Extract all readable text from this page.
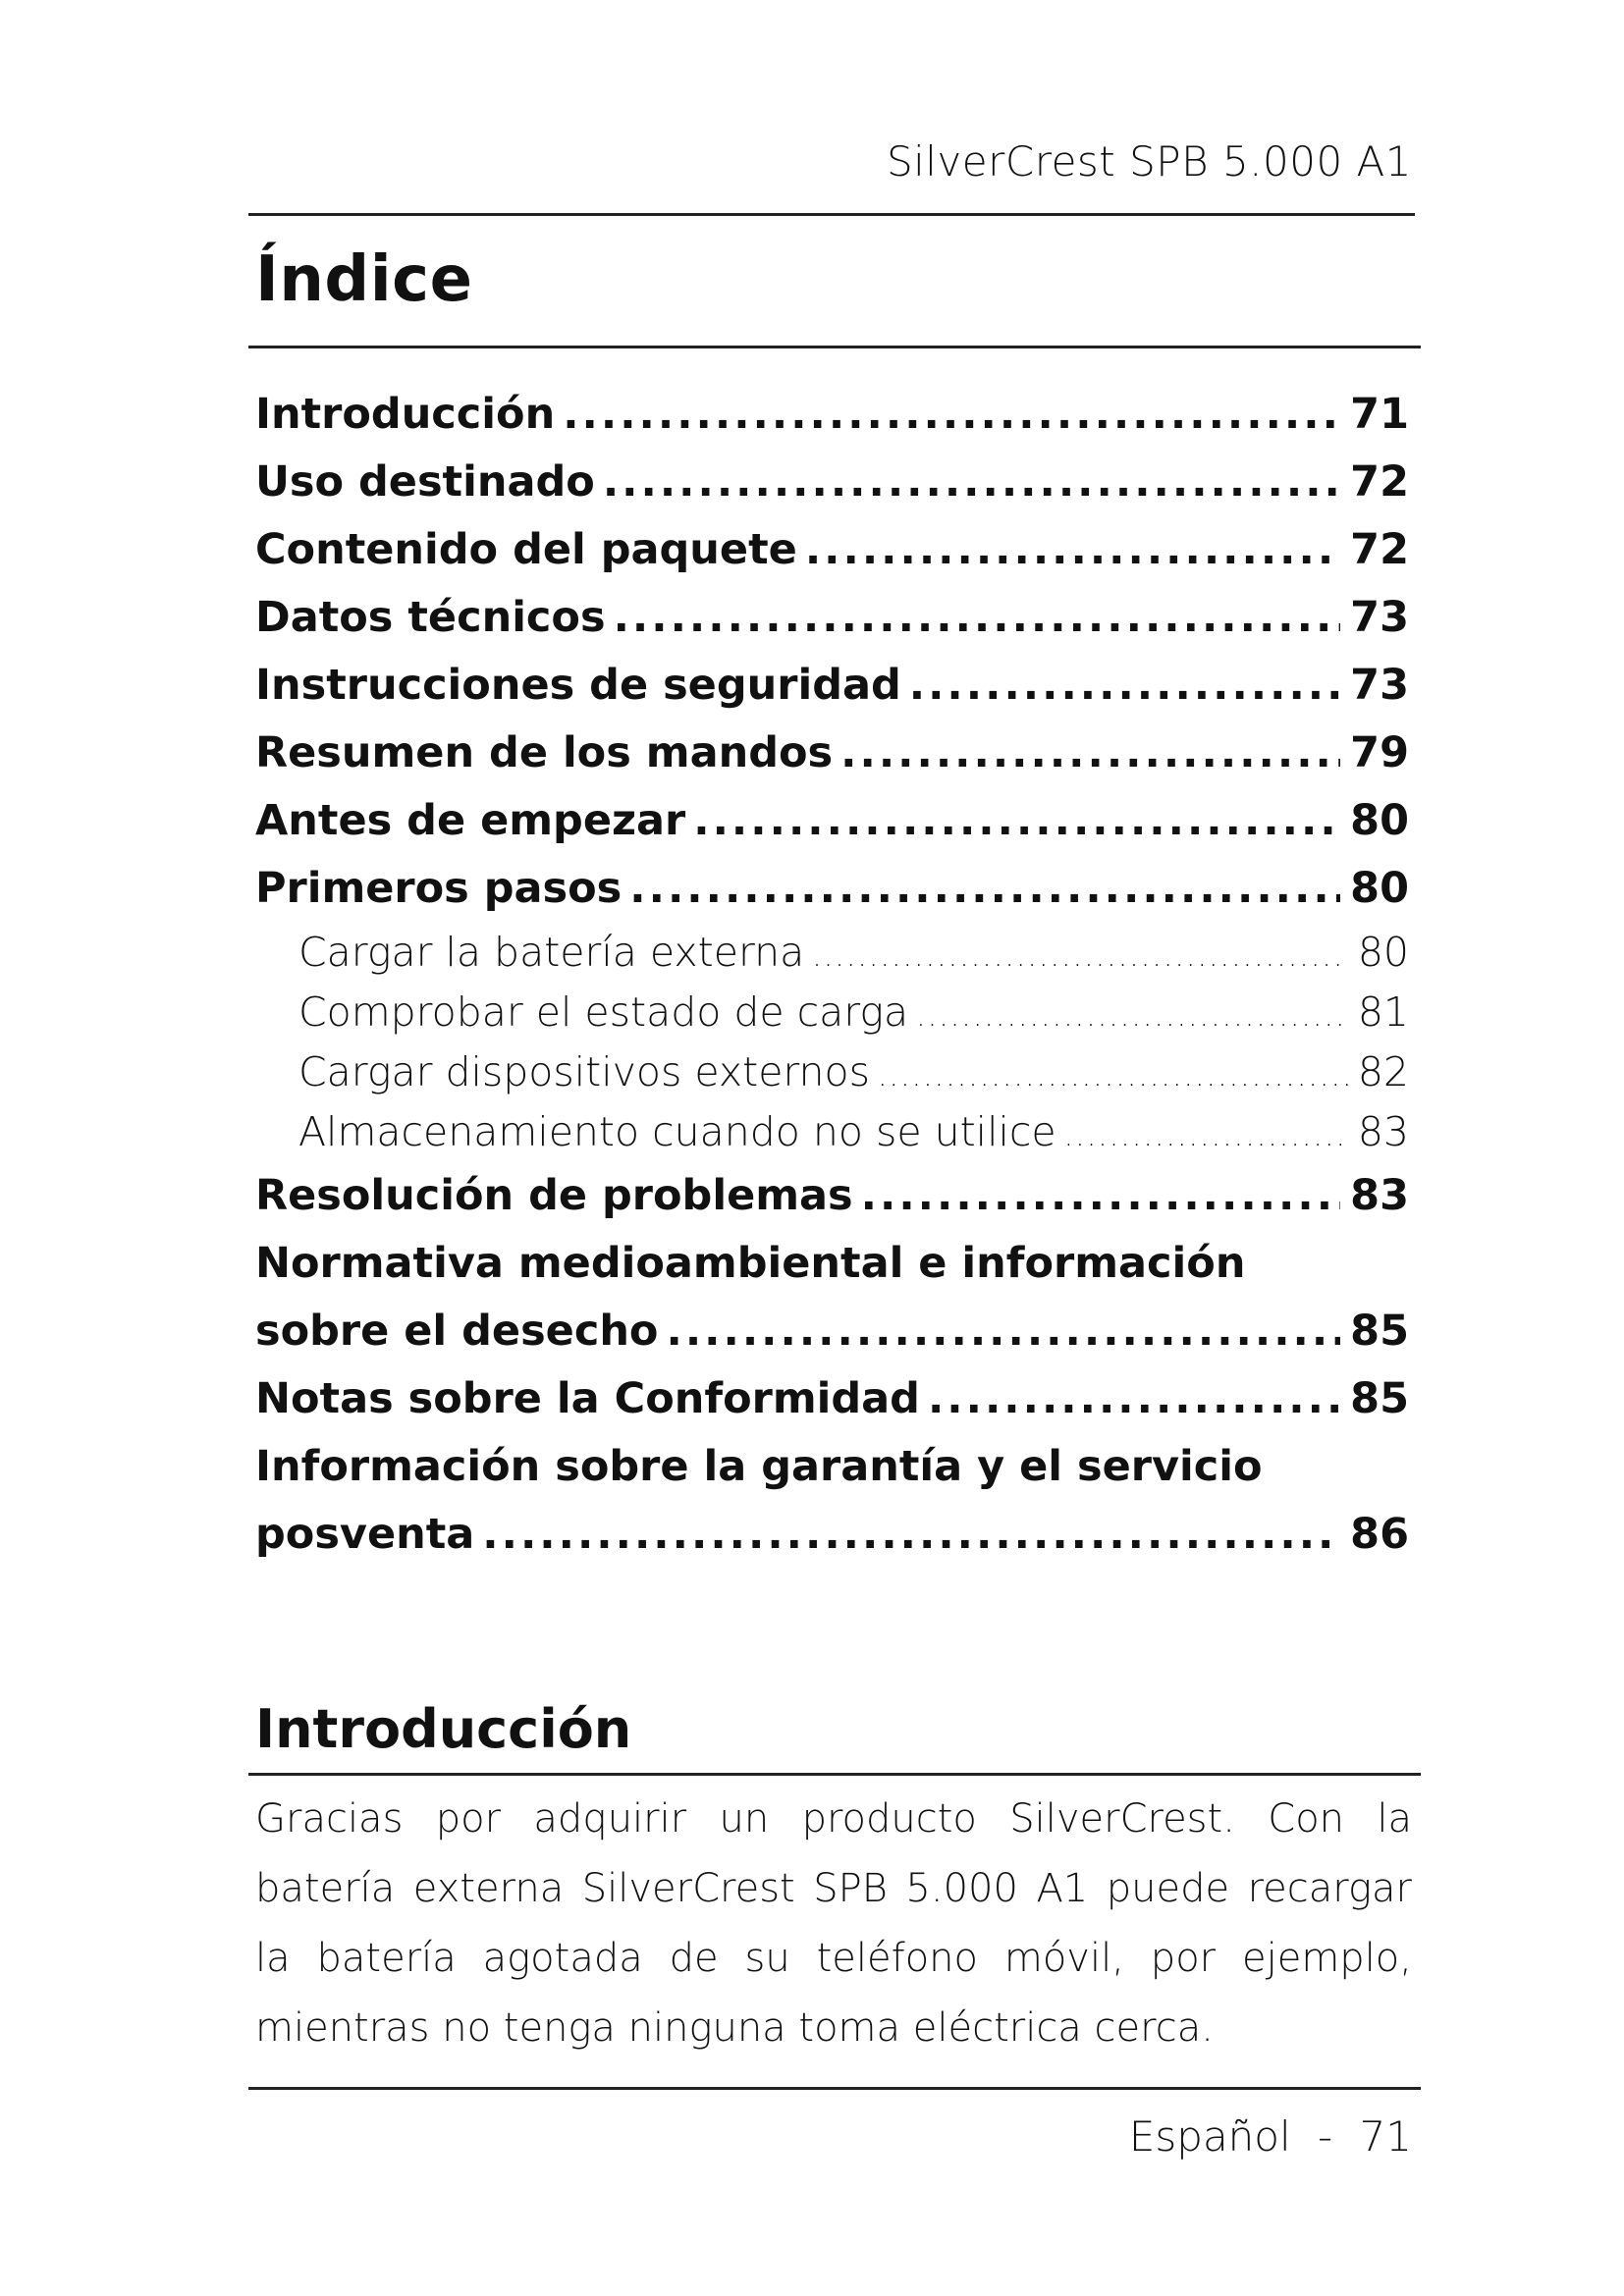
SilverCrest SPB 5.000 A1
Índice
Introducción .....	71
Uso destinado .....	72
Contenido del paquete .....	72
Datos técnicos .....	73
Instrucciones de seguridad .....	73
Resumen de los mandos .....	79
Antes de empezar .....	80
Primeros pasos .....	80
Cargar la batería externa .....	80
Comprobar el estado de carga .....	81
Cargar dispositivos externos .....	82
Almacenamiento cuando no se utilice .....	83
Resolución de problemas .....	83
Normativa medioambiental e información
sobre el desecho .....	85
Notas sobre la Conformidad .....	85
Información sobre la garantía y el servicio
posventa .....	86
Introducción

Gracias por adquirir un producto SilverCrest. Con la batería externa SilverCrest SPB 5.000 A1 puede recargar la batería agotada de su teléfono móvil, por ejemplo, mientras no tenga ninguna toma eléctrica cerca.

Español - 71
